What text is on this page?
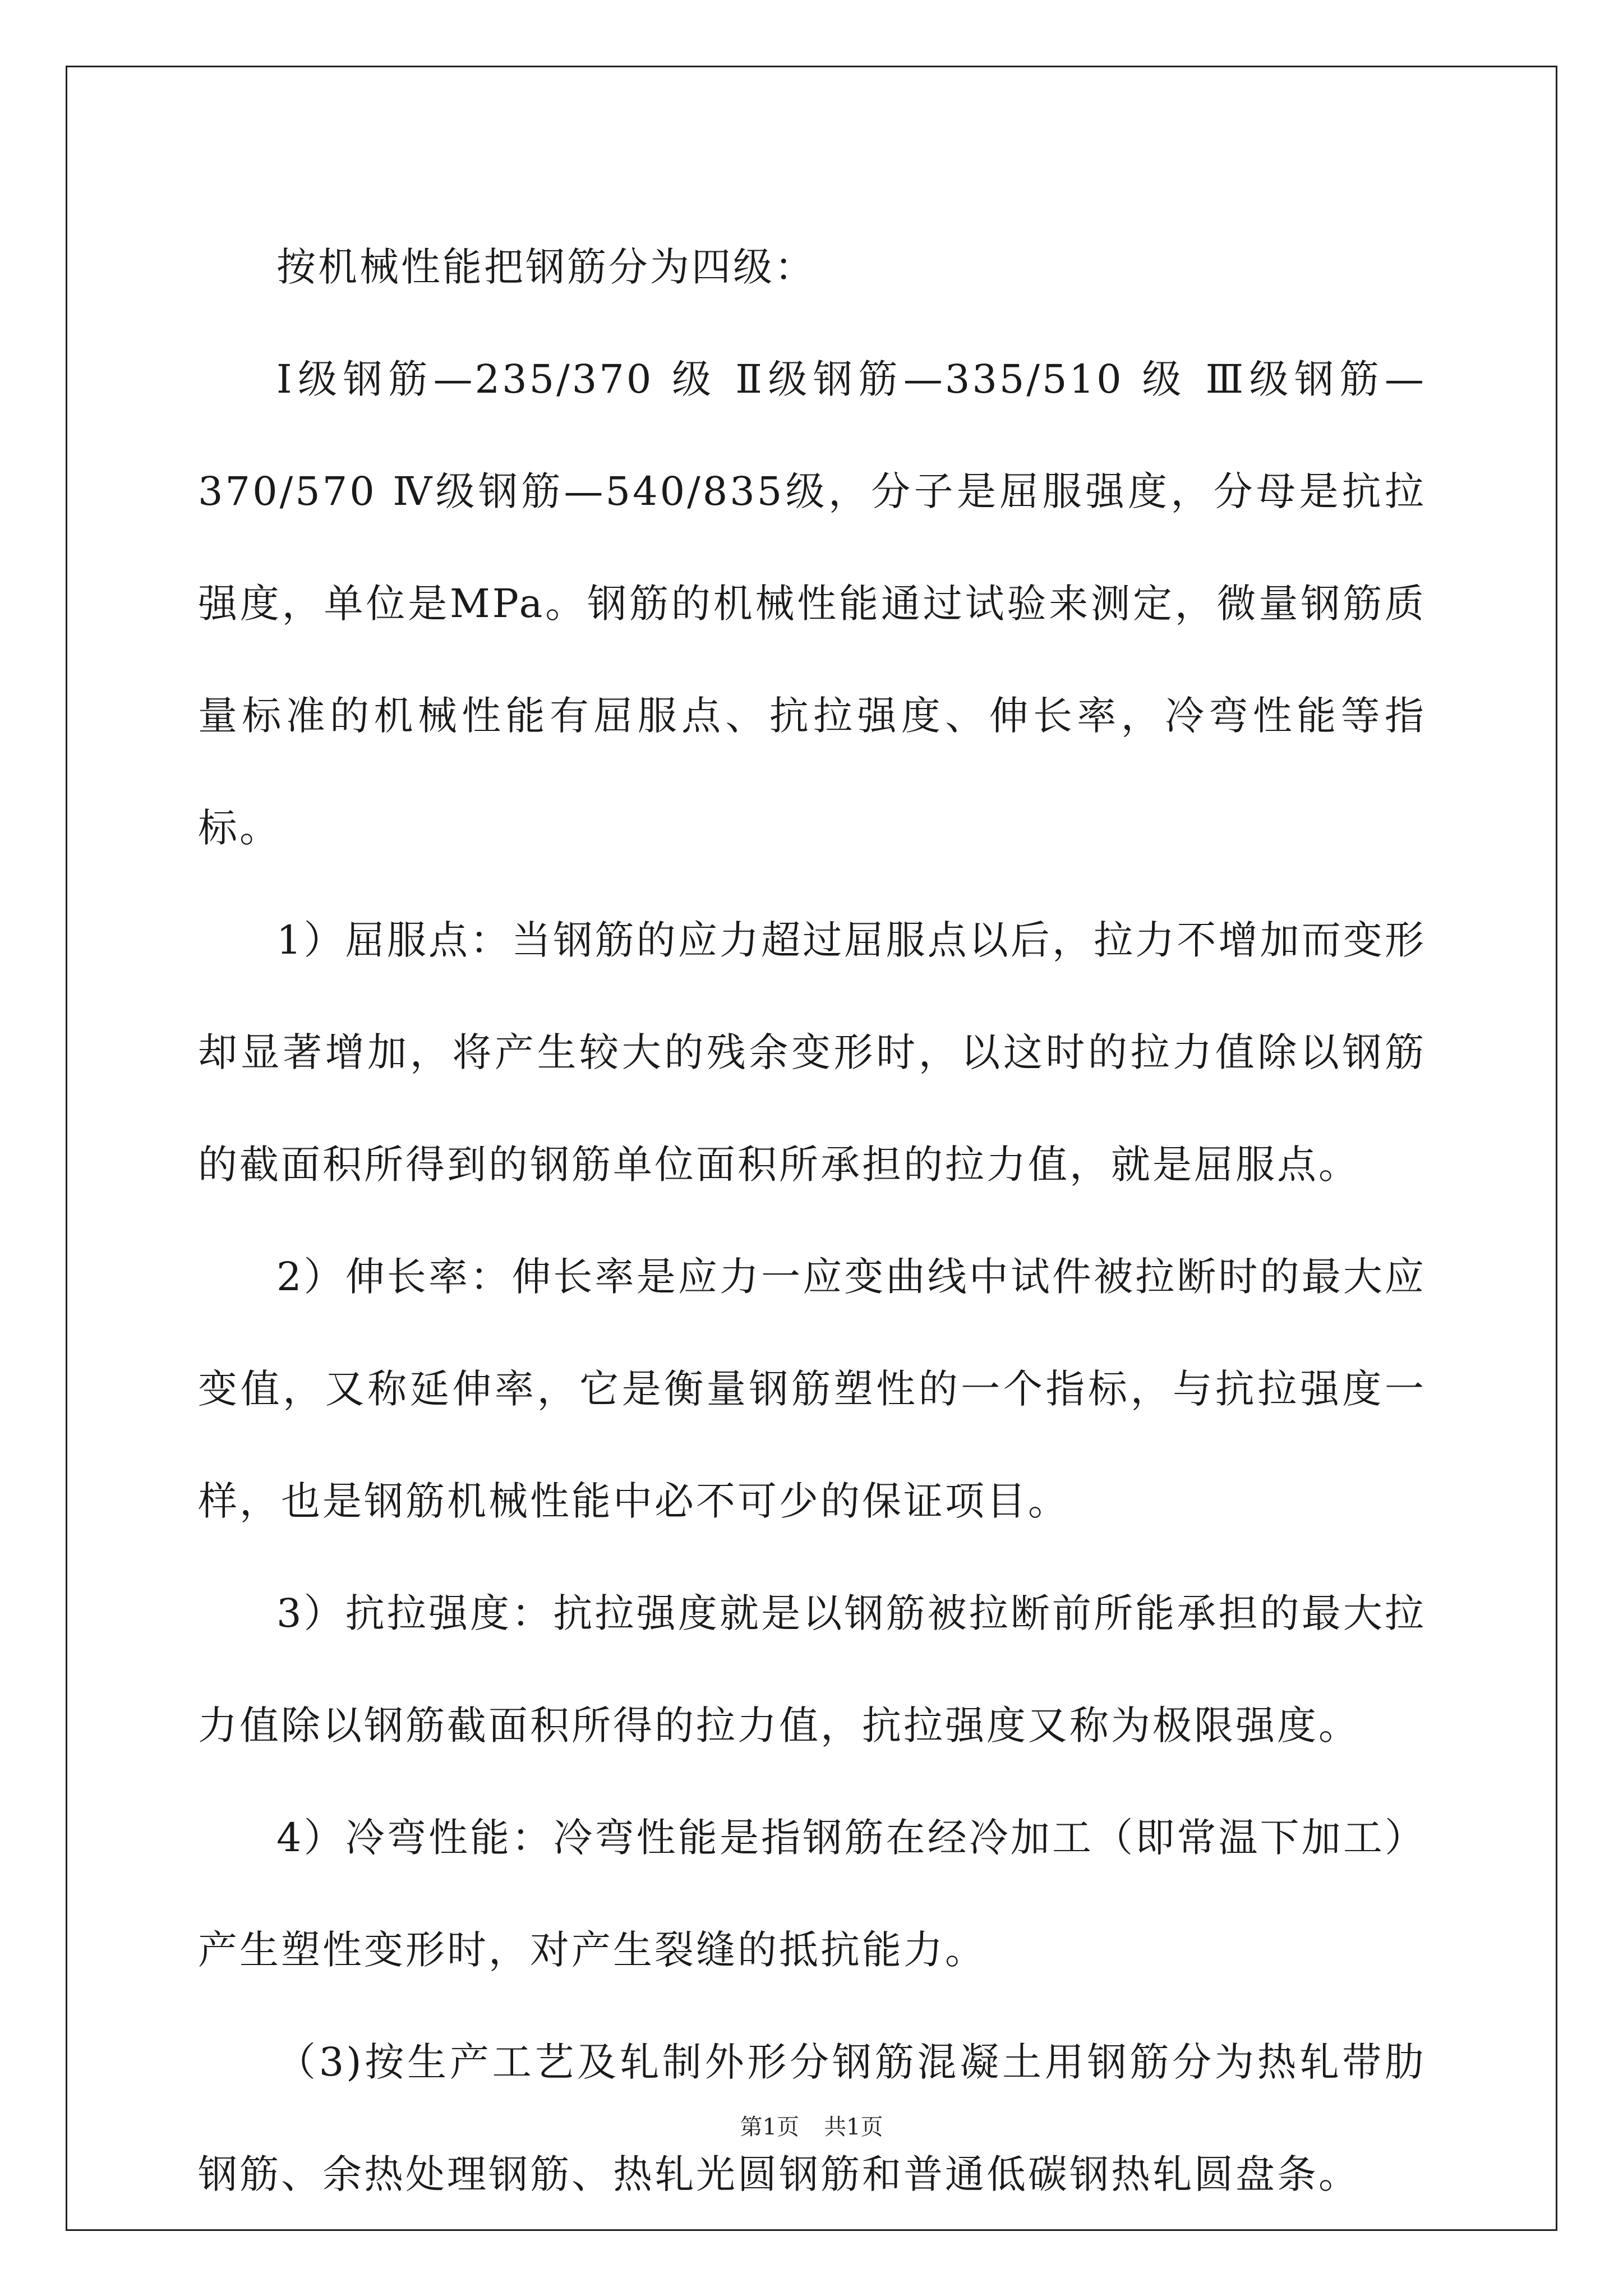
按机械性能把钢筋分为四级：

Ⅰ级钢筋—235/370 级 Ⅱ级钢筋—335/510 级 Ⅲ级钢筋—370/570 Ⅳ级钢筋—540/835级，分子是屈服强度，分母是抗拉强度，单位是MPa。钢筋的机械性能通过试验来测定，微量钢筋质量标准的机械性能有屈服点、抗拉强度、伸长率，冷弯性能等指标。

1）屈服点：当钢筋的应力超过屈服点以后，拉力不增加而变形却显著增加，将产生较大的残余变形时，以这时的拉力值除以钢筋的截面积所得到的钢筋单位面积所承担的拉力值，就是屈服点。

2）伸长率：伸长率是应力一应变曲线中试件被拉断时的最大应变值，又称延伸率，它是衡量钢筋塑性的一个指标，与抗拉强度一样，也是钢筋机械性能中必不可少的保证项目。

3）抗拉强度：抗拉强度就是以钢筋被拉断前所能承担的最大拉力值除以钢筋截面积所得的拉力值，抗拉强度又称为极限强度。

4）冷弯性能：冷弯性能是指钢筋在经冷加工（即常温下加工）产生塑性变形时，对产生裂缝的抵抗能力。

（3)按生产工艺及轧制外形分钢筋混凝土用钢筋分为热轧带肋钢筋、余热处理钢筋、热轧光圆钢筋和普通低碳钢热轧圆盘条。

第1页 共1页
